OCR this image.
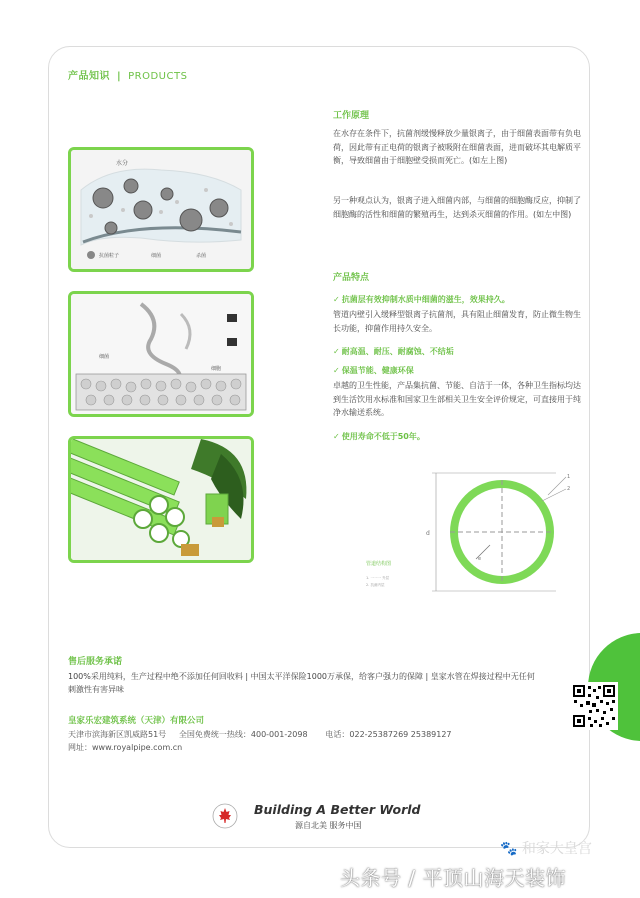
产品知识 | PRODUCTS
水分
抗菌粒子	细菌	杀菌
细菌
细胞
工作原理
在水存在条件下，抗菌剂缓慢释放少量银离子，由于细菌表面带有负电荷，因此带有正电荷的银离子被吸附在细菌表面，进而破坏其电解质平衡，导致细菌由于细胞壁受损而死亡。(如左上图)
另一种观点认为，银离子进入细菌内部，与细菌的细胞酶反应，抑制了细胞酶的活性和细菌的繁殖再生，达到杀灭细菌的作用。(如左中图)
产品特点
✓ 抗菌层有效抑制水质中细菌的滋生，效果持久。
管道内壁引入缓释型银离子抗菌剂，具有阻止细菌发育，防止微生物生长功能，抑菌作用持久安全。
✓ 耐高温、耐压、耐腐蚀、不结垢
✓ 保温节能、健康环保
卓越的卫生性能，产品集抗菌、节能、自洁于一体，各种卫生指标均达到生活饮用水标准和国家卫生部相关卫生安全评价规定，可直接用于纯净水输送系统。
✓ 使用寿命不低于50年。
d
e
1
2
管道结构图
1. 一一一 外层
2. 抗菌内层
售后服务承诺
100%采用纯料，生产过程中绝不添加任何回收料 | 中国太平洋保险1000万承保，给客户强力的保障 | 皇家水管在焊接过程中无任何刺激性有害异味
皇家乐宏建筑系统（天津）有限公司
天津市滨海新区凯威路51号 全国免费统一热线：400-001-2098 电话：022-25387269 25389127
网址：www.royalpipe.com.cn
Building A Better World
源自北美 服务中国
🐾 和家大皇宫
头条号 / 平顶山海天装饰
